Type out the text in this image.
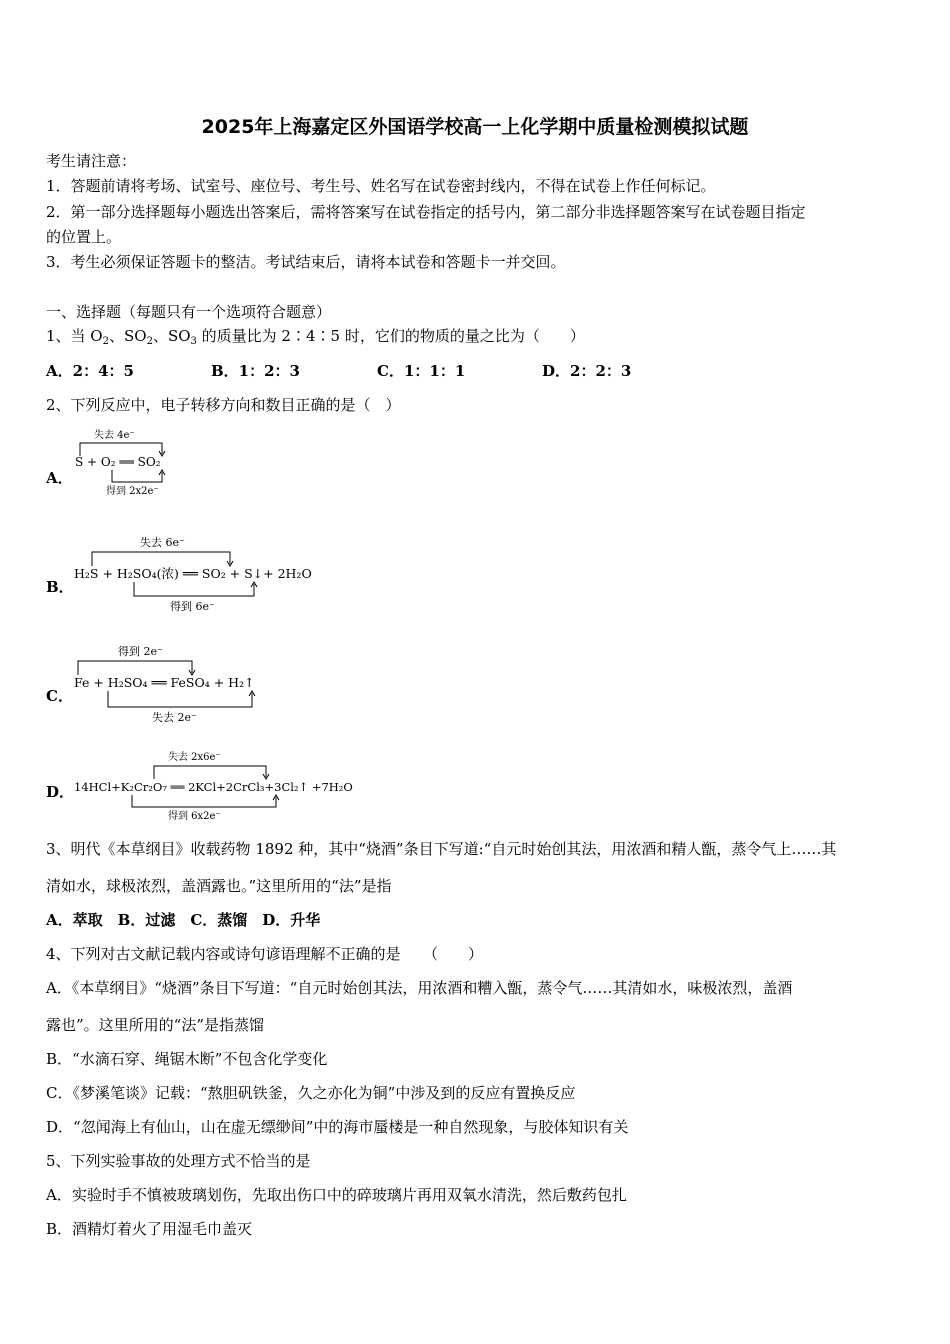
2025年上海嘉定区外国语学校高一上化学期中质量检测模拟试题
考生请注意：
1．答题前请将考场、试室号、座位号、考生号、姓名写在试卷密封线内，不得在试卷上作任何标记。
2．第一部分选择题每小题选出答案后，需将答案写在试卷指定的括号内，第二部分非选择题答案写在试卷题目指定
的位置上。
3．考生必须保证答题卡的整洁。考试结束后，请将本试卷和答题卡一并交回。
一、选择题（每题只有一个选项符合题意）
1、当 $O_2$、$SO_2$、$SO_3$ 的质量比为 2∶4∶5 时，它们的物质的量之比为（　　）
A．2：4：5	B．1：2：3	C．1：1：1	D．2：2：3
2、下列反应中，电子转移方向和数目正确的是（　）
A．
失去 4e⁻
S + O₂ ══ SO₂
得到 2x2e⁻
B．
失去 6e⁻
H₂S + H₂SO₄(浓) ══ SO₂ + S↓+ 2H₂O
得到 6e⁻
C．
得到 2e⁻
Fe + H₂SO₄ ══ FeSO₄ + H₂↑
失去 2e⁻
D．
失去 2x6e⁻
14HCl+K₂Cr₂O₇ ══ 2KCl+2CrCl₃+3Cl₂↑ +7H₂O
得到 6x2e⁻
3、明代《本草纲目》收载药物 1892 种，其中“烧酒”条目下写道:“自元时始创其法，用浓酒和精人甑，蒸令气上……其
清如水，球极浓烈，盖酒露也。”这里所用的“法”是指
A．萃取　B．过滤　C．蒸馏　D．升华
4、下列对古文献记载内容或诗句谚语理解不正确的是　　（　　）
A．《本草纲目》“烧酒”条目下写道：“自元时始创其法，用浓酒和糟入甑，蒸令气……其清如水，味极浓烈，盖酒
露也”。这里所用的“法”是指蒸馏
B．“水滴石穿、绳锯木断”不包含化学变化
C．《梦溪笔谈》记载：“熬胆矾铁釜，久之亦化为铜”中涉及到的反应有置换反应
D．“忽闻海上有仙山，山在虚无缥缈间”中的海市蜃楼是一种自然现象，与胶体知识有关
5、下列实验事故的处理方式不恰当的是
A．实验时手不慎被玻璃划伤，先取出伤口中的碎玻璃片再用双氧水清洗，然后敷药包扎
B．酒精灯着火了用湿毛巾盖灭
